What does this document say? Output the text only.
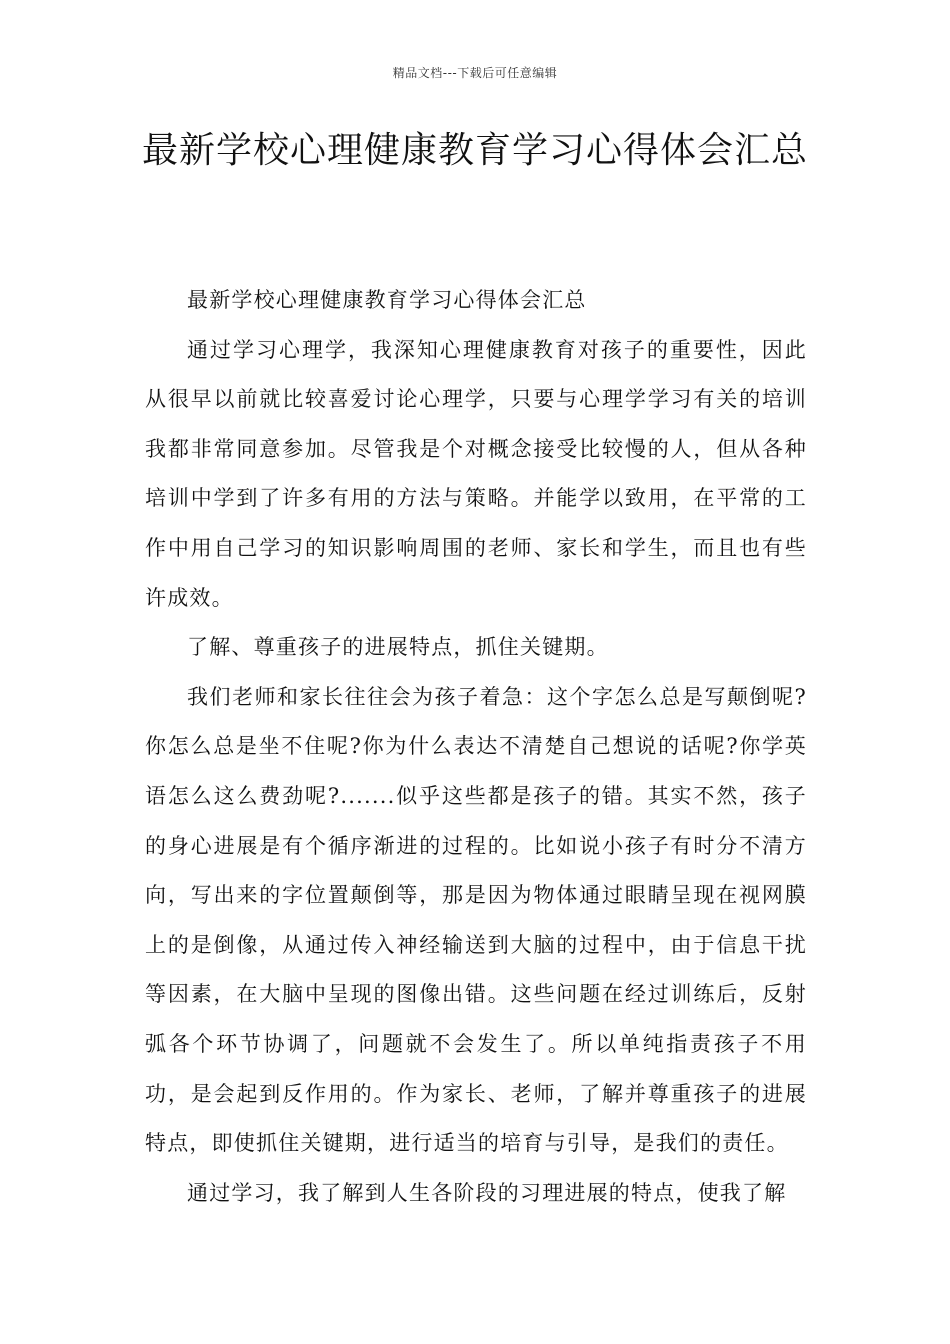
精品文档---下载后可任意编辑
最新学校心理健康教育学习心得体会汇总

最新学校心理健康教育学习心得体会汇总

通过学习心理学，我深知心理健康教育对孩子的重要性，因此从很早以前就比较喜爱讨论心理学，只要与心理学学习有关的培训我都非常同意参加。尽管我是个对概念接受比较慢的人，但从各种培训中学到了许多有用的方法与策略。并能学以致用，在平常的工作中用自己学习的知识影响周围的老师、家长和学生，而且也有些许成效。

了解、尊重孩子的进展特点，抓住关键期。

我们老师和家长往往会为孩子着急：这个字怎么总是写颠倒呢?你怎么总是坐不住呢?你为什么表达不清楚自己想说的话呢?你学英语怎么这么费劲呢?.......似乎这些都是孩子的错。其实不然，孩子的身心进展是有个循序渐进的过程的。比如说小孩子有时分不清方向，写出来的字位置颠倒等，那是因为物体通过眼睛呈现在视网膜上的是倒像，从通过传入神经输送到大脑的过程中，由于信息干扰等因素，在大脑中呈现的图像出错。这些问题在经过训练后，反射弧各个环节协调了，问题就不会发生了。所以单纯指责孩子不用功，是会起到反作用的。作为家长、老师，了解并尊重孩子的进展特点，即使抓住关键期，进行适当的培育与引导，是我们的责任。

通过学习，我了解到人生各阶段的习理进展的特点，使我了解
